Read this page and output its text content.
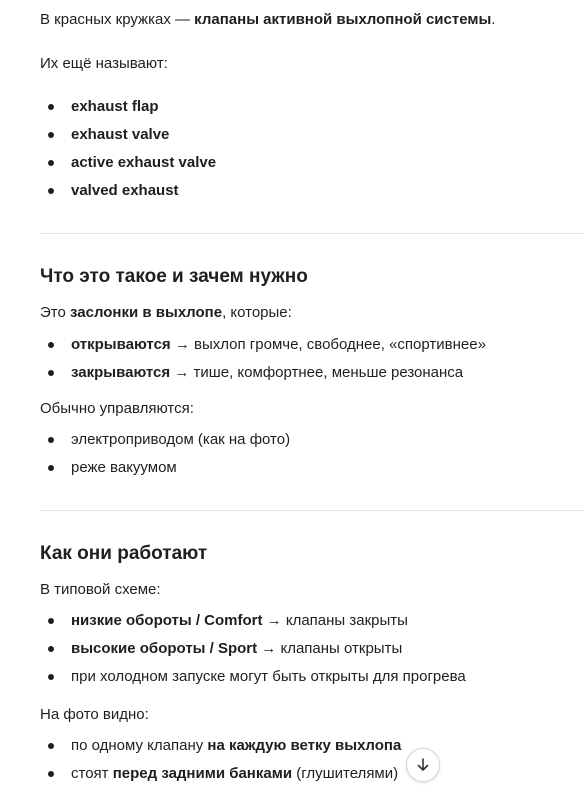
В красных кружках — клапаны активной выхлопной системы.

Их ещё называют:

exhaust flap
exhaust valve
active exhaust valve
valved exhaust
Что это такое и зачем нужно

Это заслонки в выхлопе, которые:

открываются → выхлоп громче, свободнее, «спортивнее»
закрываются → тише, комфортнее, меньше резонанса

Обычно управляются:

электроприводом (как на фото)
реже вакуумом
Как они работают

В типовой схеме:

низкие обороты / Comfort → клапаны закрыты
высокие обороты / Sport → клапаны открыты
при холодном запуске могут быть открыты для прогрева

На фото видно:

по одному клапану на каждую ветку выхлопа
стоят перед задними банками (глушителями)
